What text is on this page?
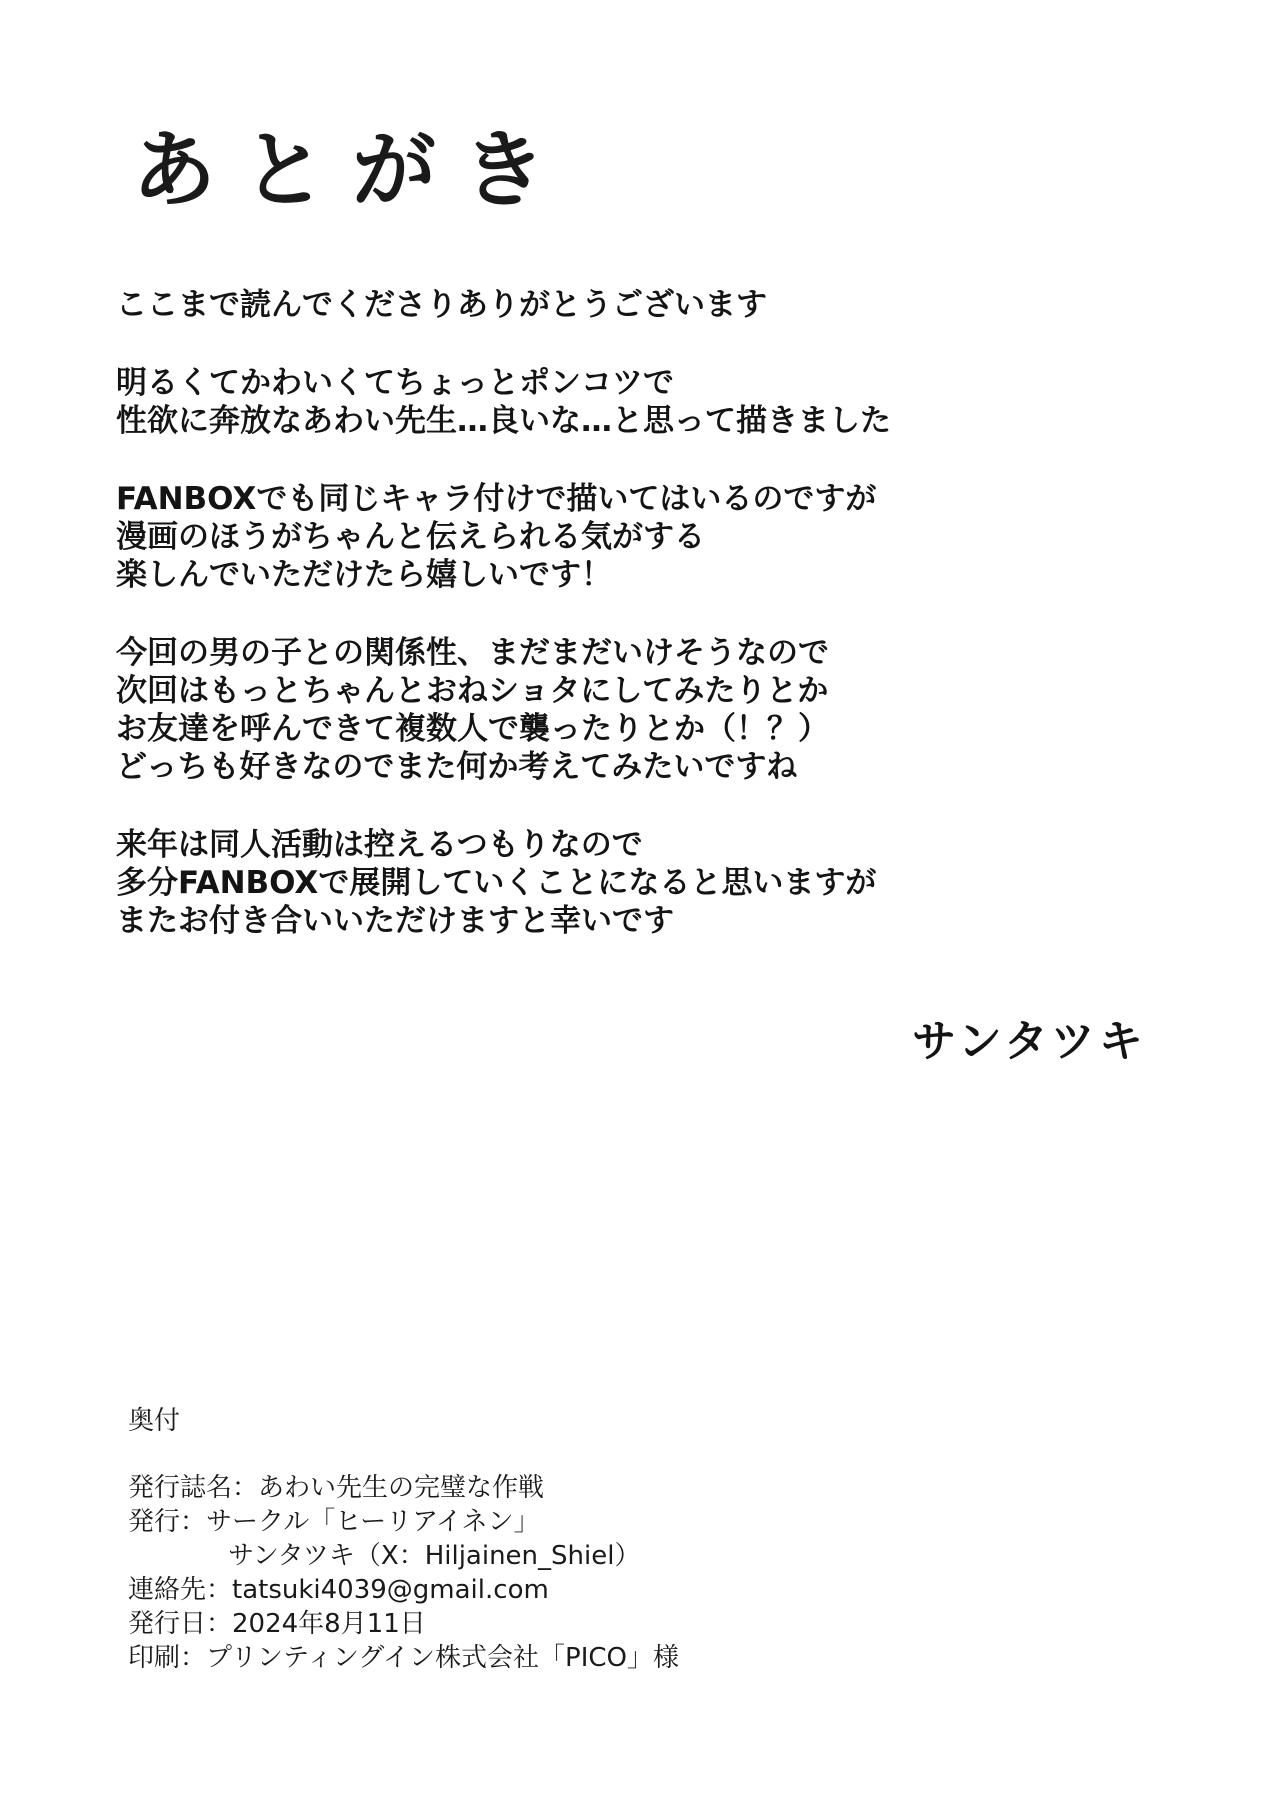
あとがき
ここまで読んでくださりありがとうございます
明るくてかわいくてちょっとポンコツで
性欲に奔放なあわい先生…良いな…と思って描きました
FANBOXでも同じキャラ付けで描いてはいるのですが
漫画のほうがちゃんと伝えられる気がする
楽しんでいただけたら嬉しいです！
今回の男の子との関係性、まだまだいけそうなので
次回はもっとちゃんとおねショタにしてみたりとか
お友達を呼んできて複数人で襲ったりとか（！？）
どっちも好きなのでまた何か考えてみたいですね
来年は同人活動は控えるつもりなので
多分FANBOXで展開していくことになると思いますが
またお付き合いいただけますと幸いです
サンタツキ
奥付
発行誌名：あわい先生の完璧な作戦
発行：サークル「ヒーリアイネン」
サンタツキ（X：Hiljainen_Shiel）
連絡先：tatsuki4039@gmail.com
発行日：2024年8月11日
印刷：プリンティングイン株式会社「PICO」様
